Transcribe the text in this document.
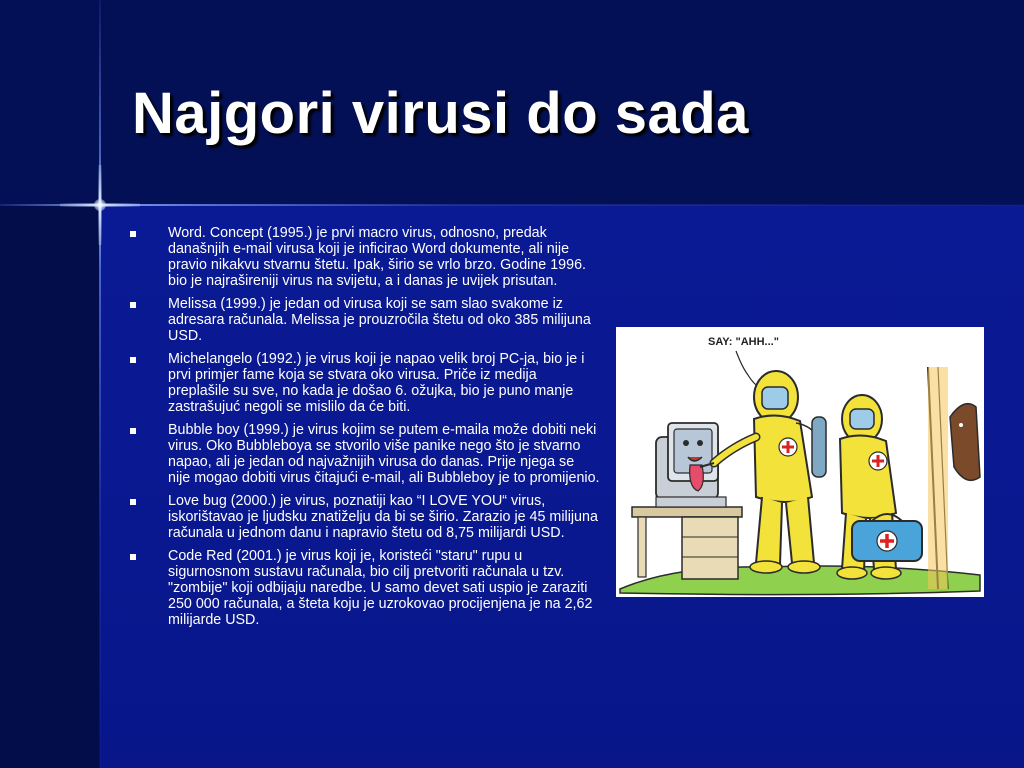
Najgori virusi do sada
Word. Concept (1995.) je prvi macro virus, odnosno, predak današnjih e-mail virusa koji je inficirao Word dokumente, ali nije pravio nikakvu stvarnu štetu. Ipak, širio se vrlo brzo. Godine 1996. bio je najrašireniji virus na svijetu, a i danas je uvijek prisutan.
Melissa (1999.) je jedan od virusa koji se sam slao svakome iz adresara računala. Melissa je prouzročila štetu od oko 385 milijuna USD.
Michelangelo (1992.) je virus koji je napao velik broj PC-ja, bio je i prvi primjer fame koja se stvara oko virusa. Priče iz medija preplašile su sve, no kada je došao 6. ožujka, bio je puno manje zastrašujuć negoli se mislilo da će biti.
Bubble boy (1999.) je virus kojim se putem e-maila može dobiti neki virus. Oko Bubbleboya se stvorilo više panike nego što je stvarno napao, ali je jedan od najvažnijih virusa do danas. Prije njega se nije mogao dobiti virus čitajući e-mail, ali Bubbleboy je to promijenio.
Love bug (2000.) je virus, poznatiji kao “I LOVE YOU“ virus, iskorištavao je ljudsku znatiželju da bi se širio. Zarazio je 45 milijuna računala u jednom danu i napravio štetu od 8,75 milijardi USD.
Code Red (2001.) je virus koji je, koristeći "staru" rupu u sigurnosnom sustavu računala, bio cilj pretvoriti računala u tzv. "zombije" koji odbijaju naredbe. U samo devet sati uspio je zaraziti 250 000 računala, a šteta koju je uzrokovao procijenjena je na 2,62 milijarde USD.
SAY: "AHH..."
